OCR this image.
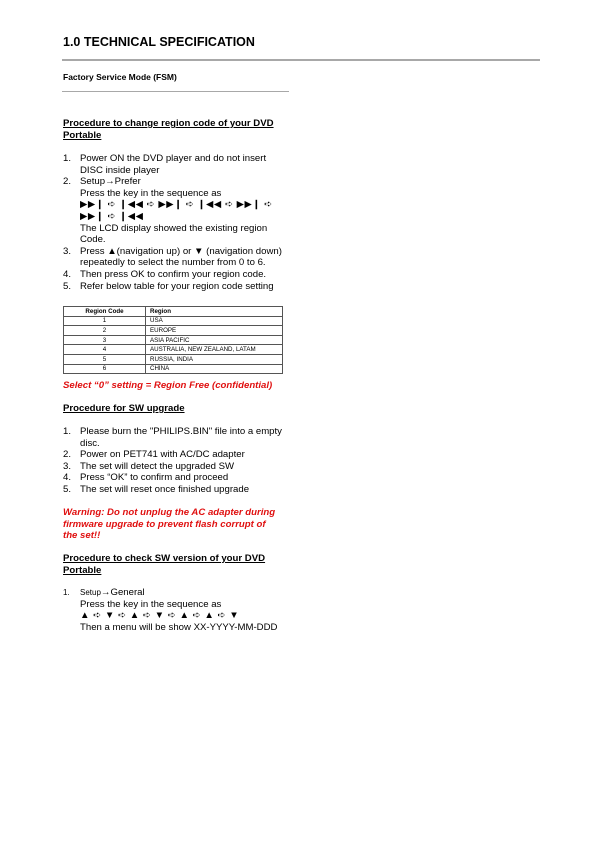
1.0 TECHNICAL SPECIFICATION
Factory Service Mode (FSM)
Procedure to change region code of your DVD Portable
1. Power ON the DVD player and do not insert DISC inside player
2. Setup→Prefer
Press the key in the sequence as
▶▶❙ ➪ ❙◀◀ ➪ ▶▶❙ ➪ ❙◀◀ ➪ ▶▶❙ ➪
▶▶❙ ➪ ❙◀◀
The LCD display showed the existing region Code.
3. Press ▲(navigation up) or ▼ (navigation down) repeatedly to select the number from 0 to 6.
4. Then press OK to confirm your region code.
5. Refer below table for your region code setting
Region Code	Region
1	USA
2	EUROPE
3	ASIA PACIFIC
4	AUSTRALIA, NEW ZEALAND, LATAM
5	RUSSIA, INDIA
6	CHINA
Select “0” setting = Region Free (confidential)
Procedure for SW upgrade
1. Please burn the "PHILIPS.BIN" file into a empty disc.
2. Power on PET741 with AC/DC adapter
3. The set will detect the upgraded SW
4. Press “OK” to confirm and proceed
5. The set will reset once finished upgrade
Warning: Do not unplug the AC adapter during firmware upgrade to prevent flash corrupt of the set!!
Procedure to check SW version of your DVD Portable
1. Setup→General
Press the key in the sequence as
▲ ➪ ▼ ➪ ▲ ➪ ▼ ➪ ▲ ➪ ▲ ➪ ▼
Then a menu will be show XX-YYYY-MM-DDD
